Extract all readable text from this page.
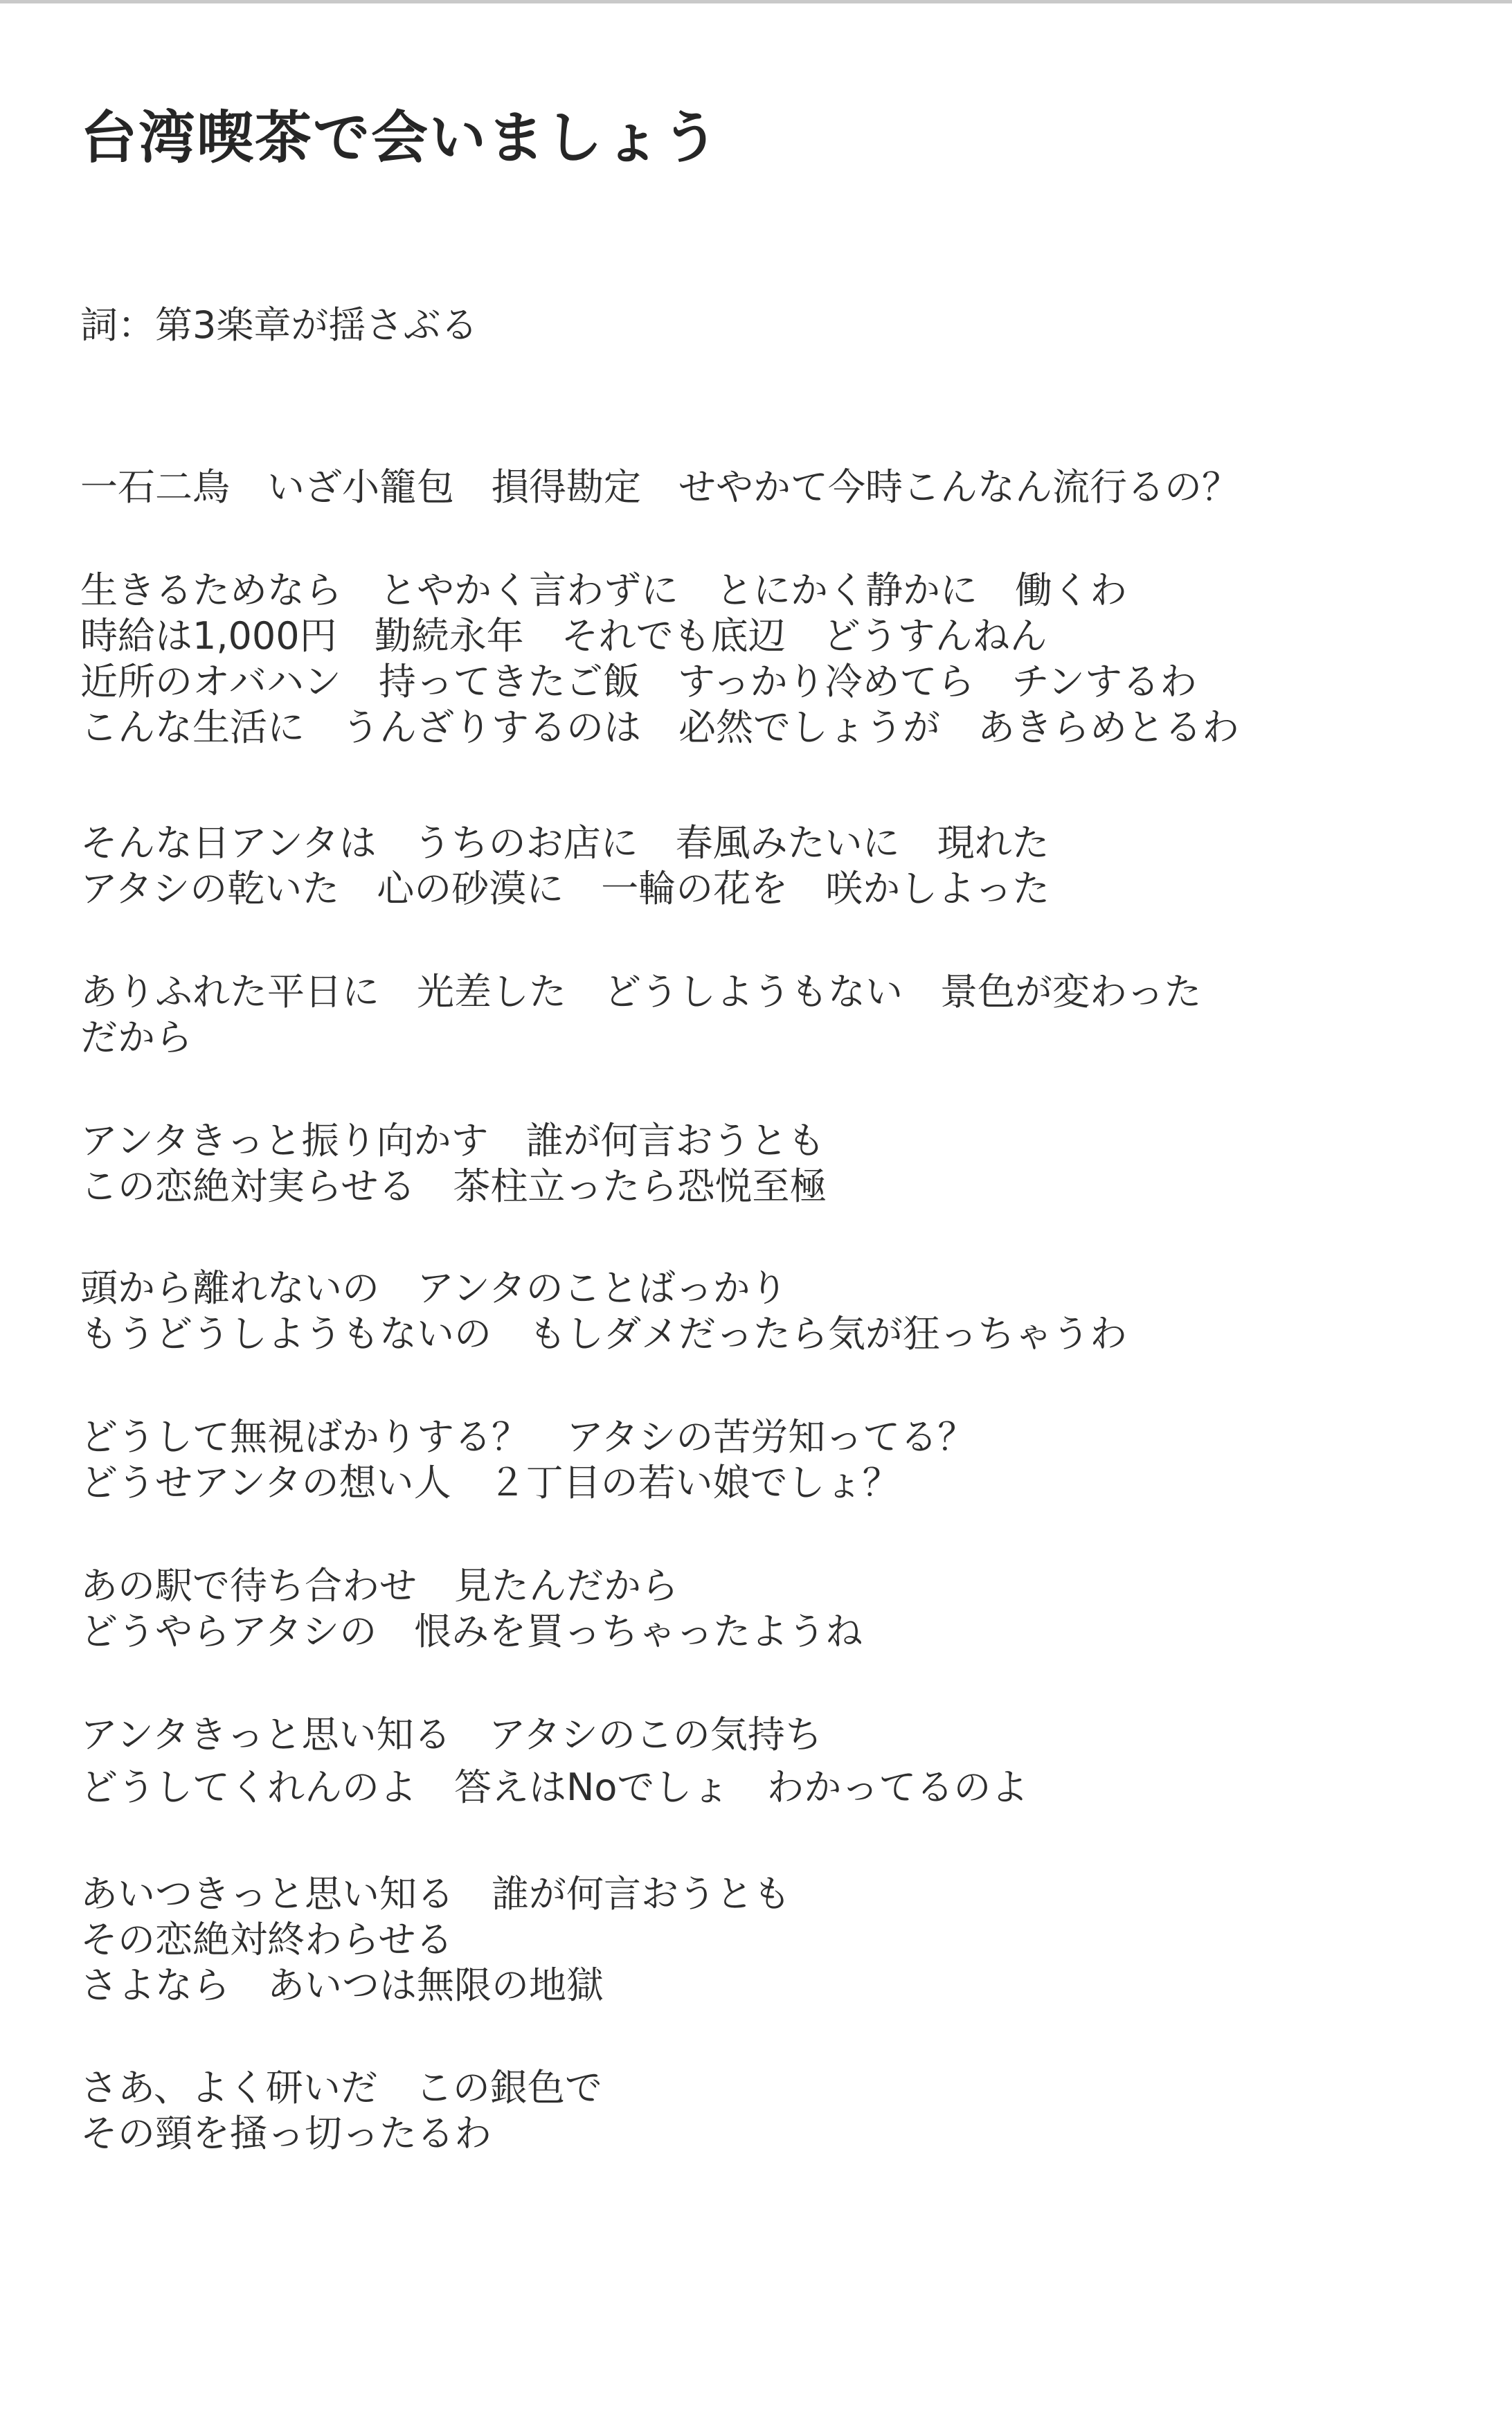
台湾喫茶で会いましょう
詞：第3楽章が揺さぶる
一石二鳥　いざ小籠包　損得勘定　せやかて今時こんなん流行るの？
生きるためなら　とやかく言わずに　とにかく静かに　働くわ
時給は1,000円　勤続永年　それでも底辺　どうすんねん
近所のオバハン　持ってきたご飯　すっかり冷めてら　チンするわ
こんな生活に　うんざりするのは　必然でしょうが　あきらめとるわ
そんな日アンタは　うちのお店に　春風みたいに　現れた
アタシの乾いた　心の砂漠に　一輪の花を　咲かしよった
ありふれた平日に　光差した　どうしようもない　景色が変わった
だから
アンタきっと振り向かす　誰が何言おうとも
この恋絶対実らせる　茶柱立ったら恐悦至極
頭から離れないの　アンタのことばっかり
もうどうしようもないの　もしダメだったら気が狂っちゃうわ
どうして無視ばかりする？　アタシの苦労知ってる？
どうせアンタの想い人　２丁目の若い娘でしょ？
あの駅で待ち合わせ　見たんだから
どうやらアタシの　恨みを買っちゃったようね
アンタきっと思い知る　アタシのこの気持ち
どうしてくれんのよ　答えはNoでしょ　わかってるのよ
あいつきっと思い知る　誰が何言おうとも
その恋絶対終わらせる
さよなら　あいつは無限の地獄
さあ、よく研いだ　この銀色で
その頸を掻っ切ったるわ
